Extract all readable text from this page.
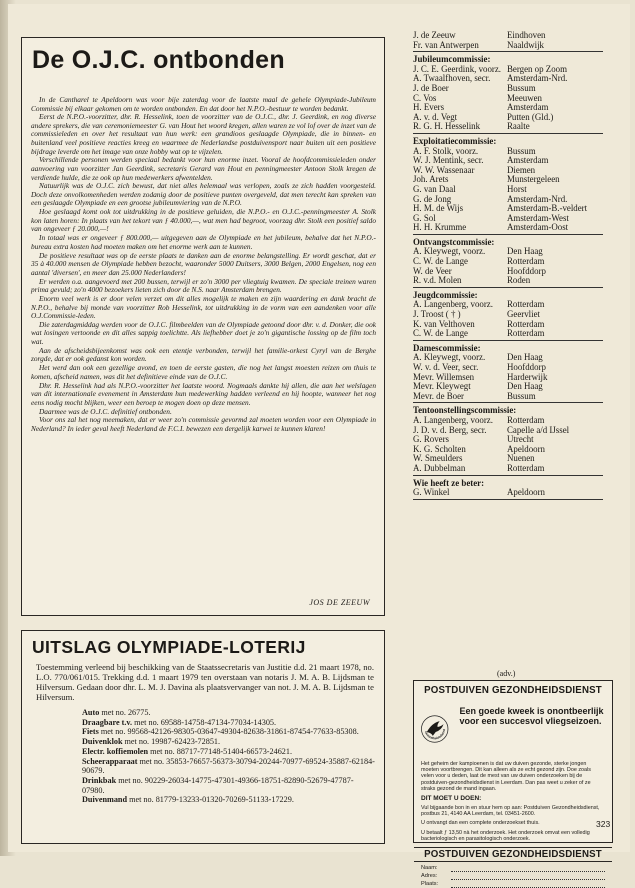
De O.J.C. ontbonden

In de Cantharel te Apeldoorn was voor bije zaterdag voor de laatste maal de gehele Olympiade-Jubileum Commissie bij elkaar gekomen om te worden ontbonden. En dat door het N.P.O.-bestuur te worden bedankt.

Eerst de N.P.O.-voorzitter, dhr. R. Hesselink, toen de voorzitter van de O.J.C., dhr. J. Geerdink, en nog diverse andere sprekers, die van ceremoniemeester G. van Hout het woord kregen, allen waren ze vol lof over de inzet van de commissieleden en over het resultaat van hun werk: een grandioos geslaagde Olympiade, die in binnen- en buitenland veel positieve reacties kreeg en waarmee de Nederlandse postduivensport naar buiten uit een positieve bijdrage leverde om het image van onze hobby wat op te vijzelen.

Verschillende personen werden speciaal bedankt voor hun enorme inzet. Vooral de hoofdcommissieleden onder aanvoering van voorzitter Jan Geerdink, secretaris Gerard van Hout en penningmeester Antoon Stolk kregen de verdiende hulde, die ze ook op hun medewerkers afwentelden.

Natuurlijk was de O.J.C. zich bewust, dat niet alles helemaal was verlopen, zoals ze zich hadden voorgesteld. Doch deze onvolkomenheden werden zodanig door de positieve punten overgeveld, dat men terecht kan spreken van een geslaagde Olympiade en een grootse jubileumviering van de N.P.O.

Hoe geslaagd komt ook tot uitdrukking in de positieve geluiden, die N.P.O.- en O.J.C.-penningmeester A. Stolk kon laten horen: In plaats van het tekort van ƒ 40.000,—, wat men had begroot, voorzag dhr. Stolk een positief saldo van ongeveer ƒ 20.000,—!

In totaal was er ongeveer ƒ 800.000,— uitgegeven aan de Olympiade en het jubileum, behalve dat het N.P.O.-bureau extra kosten had moeten maken om het enorme werk aan te kunnen.

De positieve resultaat was op de eerste plaats te danken aan de enorme belangstelling. Er wordt geschat, dat er 35 à 40.000 mensen de Olympiade hebben bezocht, waaronder 5000 Duitsers, 3000 Belgen, 2000 Engelsen, nog een aantal 'diversen', en meer dan 25.000 Nederlanders!

Er werden o.a. aangevoerd met 200 bussen, terwijl er zo'n 3000 per vliegtuig kwamen. De speciale treinen waren prima gevuld; zo'n 4000 bezoekers lieten zich door de N.S. naar Amsterdam brengen.

Enorm veel werk is er door velen verzet om dit alles mogelijk te maken en zijn waardering en dank bracht de N.P.O., behalve bij monde van voorzitter Rob Hesselink, tot uitdrukking in de vorm van een aandenken voor alle O.J.Commissie-leden.

Die zaterdagmiddag werden voor de O.J.C. filmbeelden van de Olympiade getoond door dhr. v. d. Donker, die ook wat losingen vertoonde en dit alles sappig toelichtte. Als liefhebber doet je zo'n gigantische lossing op de film toch wat.

Aan de afscheidsbijeenkomst was ook een etentje verbonden, terwijl het familie-orkest Cyryl van de Berghe zorgde, dat er ook gedanst kon worden.

Het werd dan ook een gezellige avond, en toen de eerste gasten, die nog het langst moesten reizen om thuis te komen, afscheid namen, was dit het definitieve einde van de O.J.C.

Dhr. R. Hesselink had als N.P.O.-voorzitter het laatste woord. Nogmaals dankte hij allen, die aan het welslagen van dit internationale evenement in Amsterdam hun medewerking hadden verleend en hij hoopte, wanneer het nog eens nodig mocht blijken, weer een beroep te mogen doen op deze mensen.

Daarmee was de O.J.C. definitief ontbonden.

Voor ons zal het nog meemaken, dat er weer zo'n commissie gevormd zal moeten worden voor een Olympiade in Nederland? In ieder geval heeft Nederland de F.C.I. bewezen een dergelijk karwei te kunnen klaren!

JOS DE ZEEUW
UITSLAG OLYMPIADE-LOTERIJ
Toestemming verleend bij beschikking van de Staatssecretaris van Justitie d.d. 21 maart 1978, no. L.O. 770/061/015. Trekking d.d. 1 maart 1979 ten overstaan van notaris J. M. A. B. Lijdsman te Hilversum. Gedaan door dhr. L. M. J. Davina als plaatsvervanger van not. J. M. A. B. Lijdsman te Hilversum.
Auto met no. 26775.
Draagbare t.v. met no. 69588-14758-47134-77034-14305.
Fiets met no. 99568-42126-98305-03647-49304-82638-31861-87454-77633-85308.
Duivenklok met no. 19987-62423-72851.
Electr. koffiemolen met no. 88717-77148-51404-66573-24621.
Scheerapparaat met no. 35853-76657-56373-30794-20244-70977-69524-35887-62184-90679.
Drinkbak met no. 90229-26034-14775-47301-49366-18751-82890-52679-47787-07980.
Duivenmand met no. 81779-13233-01320-70269-51133-17229.
J. de Zeeuw	Eindhoven
Fr. van Antwerpen	Naaldwijk
Jubileumcommissie:
J. C. E. Geerdink, voorz. Bergen op Zoom
A. Twaalfhoven, secr.	Amsterdam-Nrd.
J. de Boer	Bussum
C. Vos	Meeuwen
H. Evers	Amsterdam
A. v. d. Vegt	Putten (Gld.)
R. G. H. Hesselink	Raalte
Exploitatiecommissie:
A. F. Stolk, voorz.	Bussum
W. J. Mentink, secr.	Amsterdam
W. W. Wassenaar	Diemen
Joh. Arets	Munstergeleen
G. van Daal	Horst
G. de Jong	Amsterdam-Nrd.
H. M. de Wijs	Amsterdam-B.-veldert
G. Sol	Amsterdam-West
H. H. Krumme	Amsterdam-Oost
Ontvangstcommissie:
A. Kleywegt, voorz.	Den Haag
C. W. de Lange	Rotterdam
W. de Veer	Hoofddorp
R. v.d. Molen	Roden
Jeugdcommissie:
A. Langenberg, voorz.	Rotterdam
J. Troost ( † )	Geervliet
K. van Velthoven	Rotterdam
C. W. de Lange	Rotterdam
Damescommissie:
A. Kleywegt, voorz.	Den Haag
W. v. d. Veer, secr.	Hoofddorp
Mevr. Willemsen	Harderwijk
Mevr. Kleywegt	Den Haag
Mevr. de Boer	Bussum
Tentoonstellingscommissie:
A. Langenberg, voorz.	Rotterdam
J. D. v. d. Berg, secr.	Capelle a/d IJssel
G. Rovers	Utrecht
K. G. Scholten	Apeldoorn
W. Smeulders	Nuenen
A. Dubbelman	Rotterdam
Wie heeft ze beter:
G. Winkel	Apeldoorn
(adv.)
POSTDUIVEN GEZONDHEIDSDIENST
Gezondheidsdienst
Een goede kweek is onontbeerlijk voor een succesvol vliegseizoen.
Het geheim der kampioenen is dat uw duiven gezonde, sterke jongen moeten voortbrengen. Dit kan alleen als ze echt gezond zijn. Doe zoals velen voor u deden, laat de mest van uw duiven onderzoeken bij de postduiven-gezondheidsdienst in Leerdam. Dan pas weet u zeker of ze straks gezond de mand ingaan.
DIT MOET U DOEN:
Vul bijgaande bon in en stuur hem op aan: Postduiven Gezondheidsdienst, postbus 21, 4140 AA Leerdam, tel. 03451-2600.
U ontvangt dan een complete onderzoekset thuis.
U betaalt ƒ 13,50 nà het onderzoek. Het onderzoek omvat een volledig bacteriologisch en parasitologisch onderzoek.
POSTDUIVEN GEZONDHEIDSDIENST
Naam:
Adres:
Plaats:
323
